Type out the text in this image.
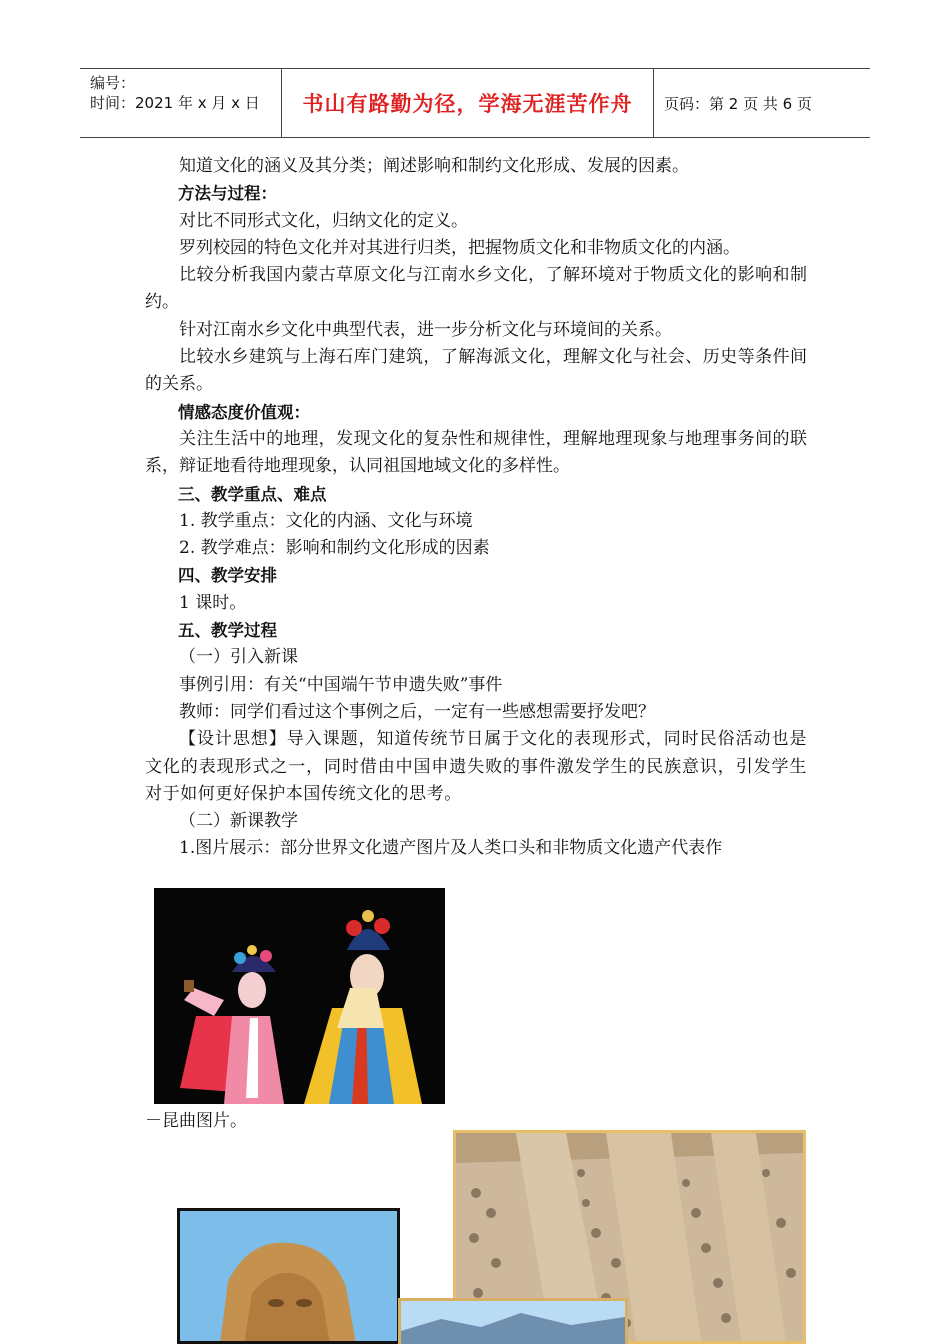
编号：
时间：2021 年 x 月 x 日	书山有路勤为径，学海无涯苦作舟	页码：第 2 页 共 6 页

知道文化的涵义及其分类；阐述影响和制约文化形成、发展的因素。

方法与过程：

对比不同形式文化，归纳文化的定义。

罗列校园的特色文化并对其进行归类，把握物质文化和非物质文化的内涵。

比较分析我国内蒙古草原文化与江南水乡文化，了解环境对于物质文化的影响和制约。

针对江南水乡文化中典型代表，进一步分析文化与环境间的关系。

比较水乡建筑与上海石库门建筑，了解海派文化，理解文化与社会、历史等条件间的关系。

情感态度价值观：

关注生活中的地理，发现文化的复杂性和规律性，理解地理现象与地理事务间的联系，辩证地看待地理现象，认同祖国地域文化的多样性。

三、教学重点、难点

1. 教学重点：文化的内涵、文化与环境

2. 教学难点：影响和制约文化形成的因素

四、教学安排

1 课时。

五、教学过程

（一）引入新课

事例引用：有关“中国端午节申遗失败”事件

教师：同学们看过这个事例之后，一定有一些感想需要抒发吧？

【设计思想】导入课题，知道传统节日属于文化的表现形式，同时民俗活动也是文化的表现形式之一，同时借由中国申遗失败的事件激发学生的民族意识，引发学生对于如何更好保护本国传统文化的思考。

（二）新课教学

1.图片展示：部分世界文化遗产图片及人类口头和非物质文化遗产代表作

－昆曲图片。
